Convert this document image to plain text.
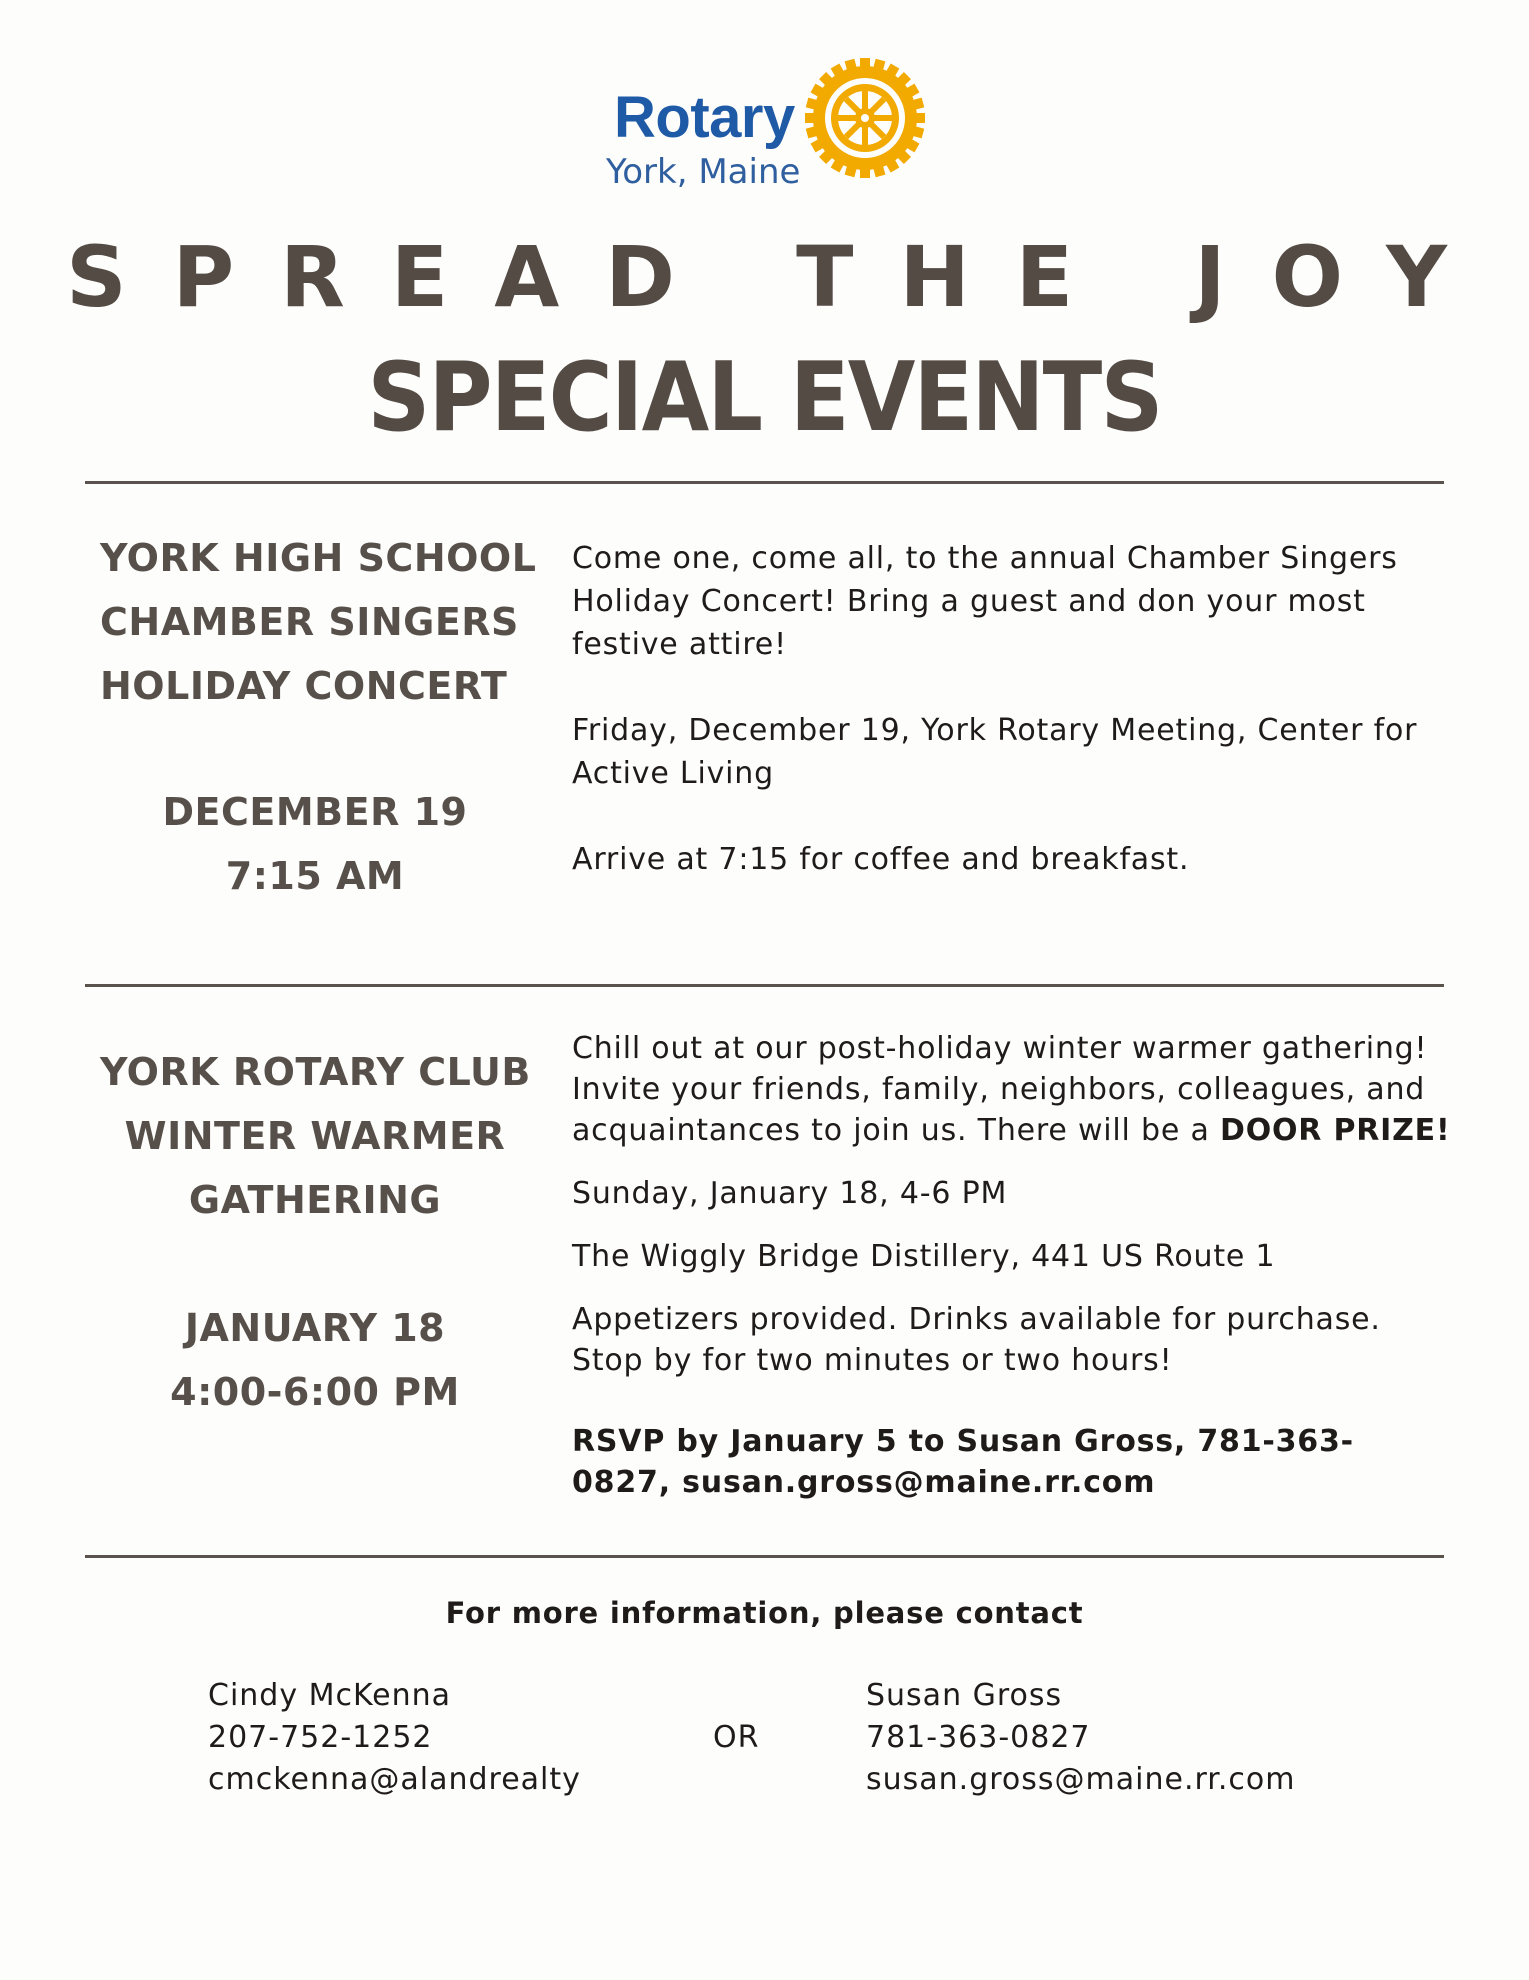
Rotary
York, Maine
SPREAD THE JOY
SPECIAL EVENTS
YORK HIGH SCHOOL
CHAMBER SINGERS
HOLIDAY CONCERT
DECEMBER 19
7:15 AM

Come one, come all, to the annual Chamber Singers Holiday Concert! Bring a guest and don your most festive attire!

Friday, December 19, York Rotary Meeting, Center for Active Living

Arrive at 7:15 for coffee and breakfast.

YORK ROTARY CLUB
WINTER WARMER
GATHERING
JANUARY 18
4:00-6:00 PM

Chill out at our post-holiday winter warmer gathering! Invite your friends, family, neighbors, colleagues, and acquaintances to join us. There will be a DOOR PRIZE!

Sunday, January 18, 4-6 PM

The Wiggly Bridge Distillery, 441 US Route 1

Appetizers provided. Drinks available for purchase. Stop by for two minutes or two hours!

RSVP by January 5 to Susan Gross, 781-363-0827, susan.gross@maine.rr.com

For more information, please contact
Cindy McKenna
207-752-1252
cmckenna@alandrealty
OR
Susan Gross
781-363-0827
susan.gross@maine.rr.com
